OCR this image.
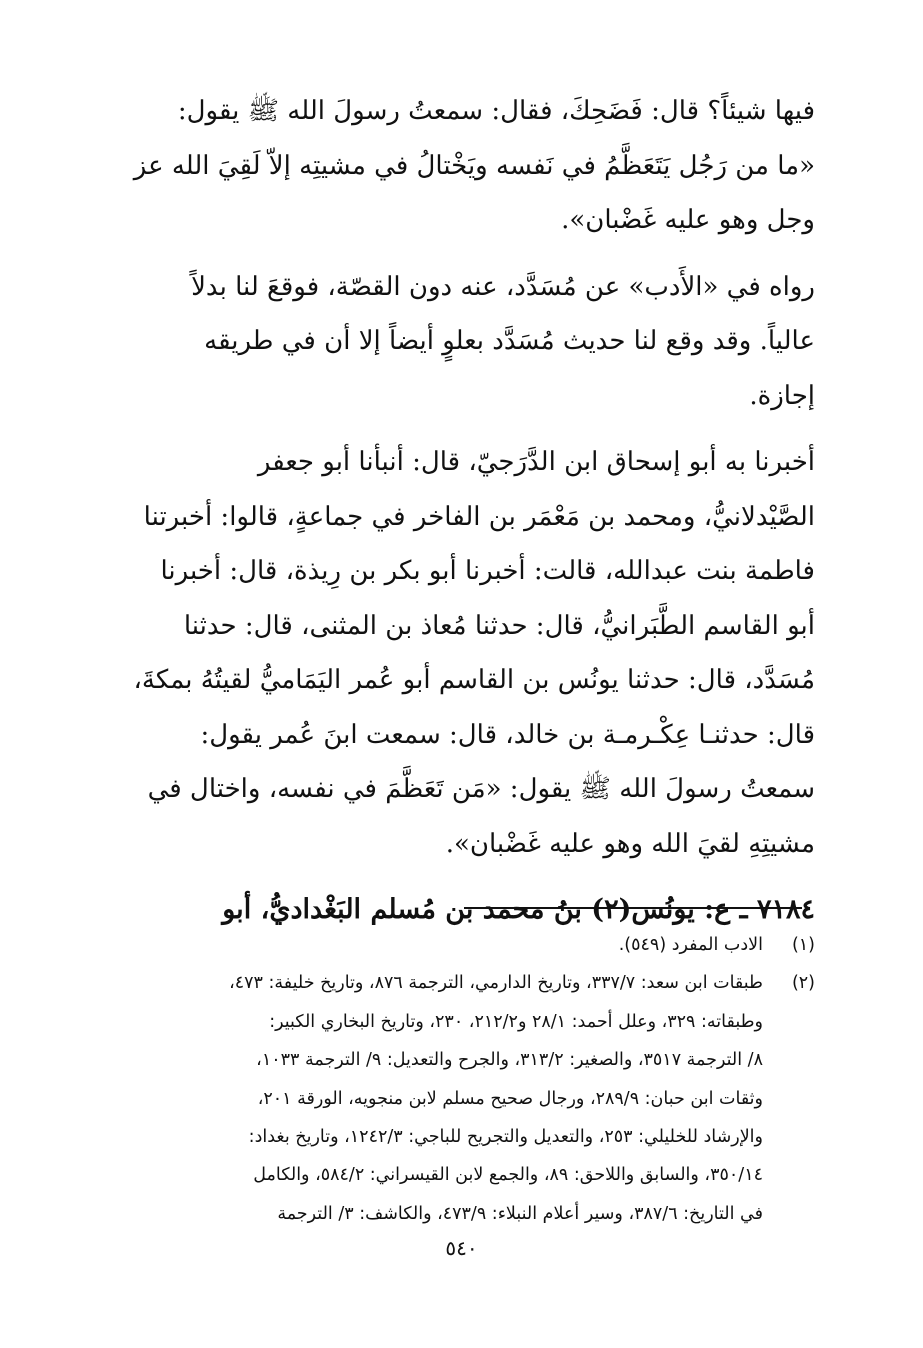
فيها شيئاً؟ قال: فَضَحِكَ، فقال: سمعتُ رسولَ الله ﷺ يقول:
«ما من رَجُل يَتَعَظَّمُ في نَفسه ويَخْتالُ في مشيتِه إلاّ لَقِيَ الله عز
وجل وهو عليه غَضْبان».
رواه في «الأَدب» عن مُسَدَّد، عنه دون القصّة، فوقعَ لنا بدلاً
عالياً. وقد وقع لنا حديث مُسَدَّد بعلوٍ أيضاً إلا أن في طريقه
إجازة.
أخبرنا به أبو إسحاق ابن الدَّرَجيّ، قال: أنبأنا أبو جعفر
الصَّيْدلانيُّ، ومحمد بن مَعْمَر بن الفاخر في جماعةٍ، قالوا: أخبرتنا
فاطمة بنت عبدالله، قالت: أخبرنا أبو بكر بن رِيذة، قال: أخبرنا
أبو القاسم الطَّبَرانيُّ، قال: حدثنا مُعاذ بن المثنى، قال: حدثنا
مُسَدَّد، قال: حدثنا يونُس بن القاسم أبو عُمر اليَمَاميُّ لقيتُهُ بمكةَ،
قال: حدثنـا عِكْـرمـة بن خالد، قال: سمعت ابنَ عُمر يقول:
سمعتُ رسولَ الله ﷺ يقول: «مَن تَعَظَّمَ في نفسه، واختال في
مشيتِهِ لقيَ الله وهو عليه غَضْبان».
٧١٨٤ ـ ع: يونُس(٢) بنُ محمد بن مُسلم البَغْداديُّ، أبو
(١)الادب المفرد (٥٤٩).
(٢)طبقات ابن سعد: ٣٣٧/٧، وتاريخ الدارمي، الترجمة ٨٧٦، وتاريخ خليفة: ٤٧٣،
وطبقاته: ٣٢٩، وعلل أحمد: ٢٨/١ و٢١٢/٢، ٢٣٠، وتاريخ البخاري الكبير:
٨/ الترجمة ٣٥١٧، والصغير: ٣١٣/٢، والجرح والتعديل: ٩/ الترجمة ١٠٣٣،
وثقات ابن حبان: ٢٨٩/٩، ورجال صحيح مسلم لابن منجويه، الورقة ٢٠١،
والإرشاد للخليلي: ٢٥٣، والتعديل والتجريح للباجي: ١٢٤٢/٣، وتاريخ بغداد:
٣٥٠/١٤، والسابق واللاحق: ٨٩، والجمع لابن القيسراني: ٥٨٤/٢، والكامل
في التاريخ: ٣٨٧/٦، وسير أعلام النبلاء: ٤٧٣/٩، والكاشف: ٣/ الترجمة
٥٤٠
